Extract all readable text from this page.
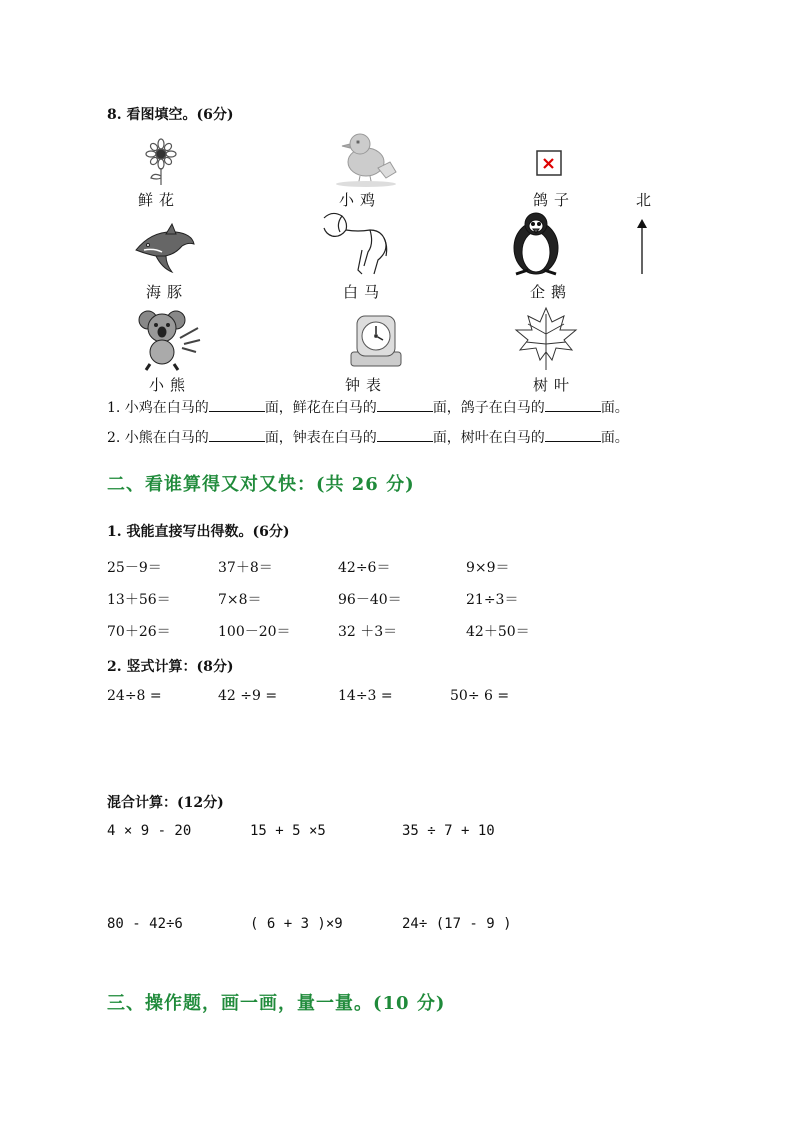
8. 看图填空。(6分)
鲜花	小鸡	鸽子	北
海豚	白马	企鹅
小熊	钟表	树叶
1. 小鸡在白马的	面，鲜花在白马的	面，鸽子在白马的	面。
2. 小熊在白马的	面，钟表在白马的	面，树叶在白马的	面。
二、看谁算得又对又快：(共 26 分)
1. 我能直接写出得数。(6分)
25－9＝	37＋8＝	42÷6＝	9×9＝
13＋56＝	7×8＝	96－40＝	21÷3＝
70＋26＝	100－20＝	32 ＋3＝	42＋50＝
2. 竖式计算：(8分)
24÷8 =	42 ÷9 =	14÷3 =	50÷ 6 =
混合计算：(12分)
4 × 9 - 20	15 + 5 ×5	35 ÷ 7 + 10
80 - 42÷6	( 6 + 3 )×9	24÷ (17 - 9 )
三、操作题，画一画，量一量。(10 分)
